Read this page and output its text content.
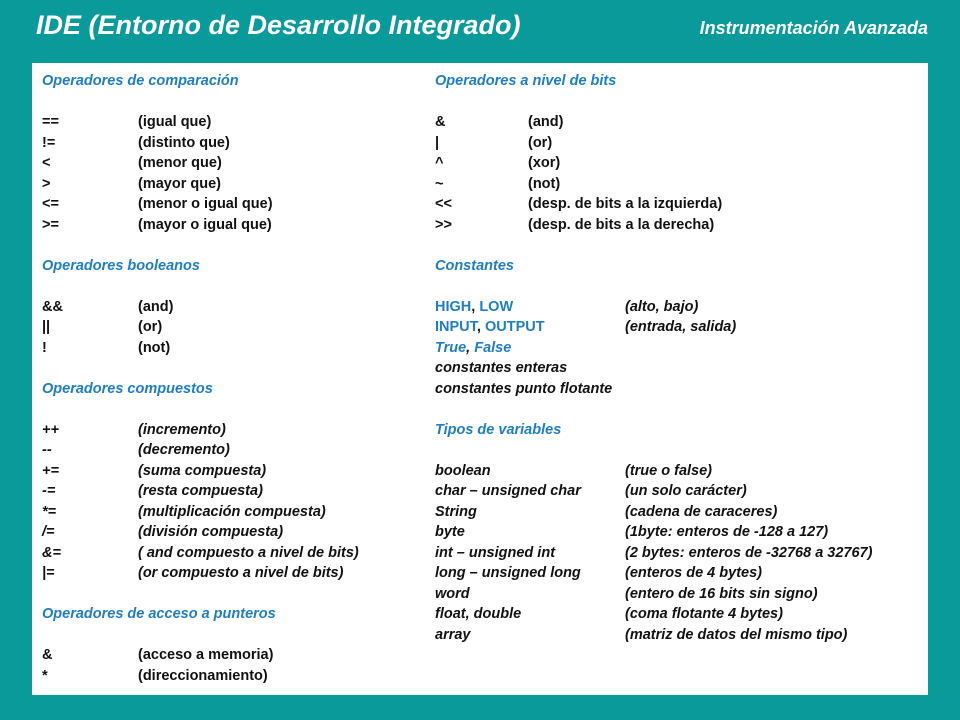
IDE (Entorno de Desarrollo Integrado)	Instrumentación Avanzada
Operadores de comparación
==	(igual que)
!=	(distinto que)
<	(menor que)
>	(mayor que)
<=	(menor o igual que)
>=	(mayor o igual que)
Operadores booleanos
&&	(and)
||	(or)
!	(not)
Operadores compuestos
++	(incremento)
--	(decremento)
+=	(suma compuesta)
-=	(resta compuesta)
*=	(multiplicación compuesta)
/=	(división compuesta)
&=	( and compuesto a nivel de bits)
|=	(or compuesto a nivel de bits)
Operadores de acceso a punteros
&	(acceso a memoria)
*	(direccionamiento)
Operadores a nivel de bits
&	(and)
|	(or)
^	(xor)
~	(not)
<<	(desp. de bits a la izquierda)
>>	(desp. de bits a la derecha)
Constantes
HIGH, LOW	(alto, bajo)
INPUT, OUTPUT	(entrada, salida)
True, False
constantes enteras
constantes punto flotante
Tipos de variables
boolean	(true o false)
char – unsigned char	(un solo carácter)
String	(cadena de caraceres)
byte	(1byte: enteros de -128 a 127)
int – unsigned int	(2 bytes: enteros de -32768 a 32767)
long – unsigned long	(enteros de 4 bytes)
word	(entero de 16 bits sin signo)
float, double	(coma flotante 4 bytes)
array	(matriz de datos del mismo tipo)
